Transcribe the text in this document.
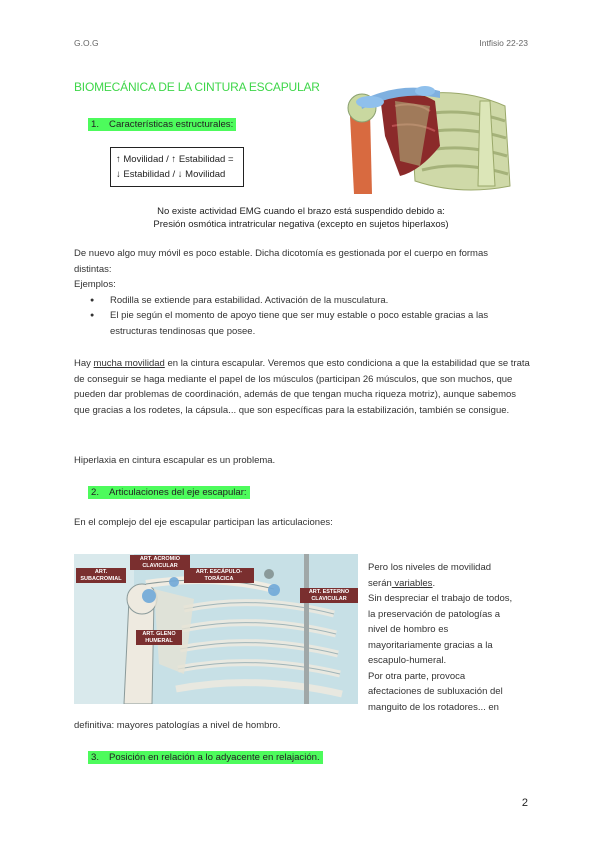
G.O.G	Intfisio 22-23
BIOMECÁNICA DE LA CINTURA ESCAPULAR
1. Características estructurales:
↑ Movilidad / ↑ Estabilidad =
↓ Estabilidad / ↓ Movilidad
No existe actividad EMG cuando el brazo está suspendido debido a:
Presión osmótica intratricular negativa (excepto en sujetos hiperlaxos)
De nuevo algo muy móvil es poco estable. Dicha dicotomía es gestionada por el cuerpo en formas
distintas:
Ejemplos:
● Rodilla se extiende para estabilidad. Activación de la musculatura.
● El pie según el momento de apoyo tiene que ser muy estable o poco estable gracias a las estructuras tendinosas que posee.
Hay mucha movilidad en la cintura escapular. Veremos que esto condiciona a que la estabilidad que se trata de conseguir se haga mediante el papel de los músculos (participan 26 músculos, que son muchos, que pueden dar problemas de coordinación, además de que tengan mucha riqueza motriz), aunque sabemos que gracias a los rodetes, la cápsula... que son específicas para la estabilización, también se consigue.
Hiperlaxia en cintura escapular es un problema.
2. Articulaciones del eje escapular:
En el complejo del eje escapular participan las articulaciones:
ART. SUBACROMIAL
ART. ACROMIO CLAVICULAR
ART. ESCÁPULO-TORÁCICA
ART. ESTERNO CLAVICULAR
ART. GLENO HUMERAL
Pero los niveles de movilidad
serán variables.
Sin despreciar el trabajo de todos,
la preservación de patologías a
nivel de hombro es
mayoritariamente gracias a la
escapulo-humeral.
Por otra parte, provoca
afectaciones de subluxación del
manguito de los rotadores... en
definitiva: mayores patologías a nivel de hombro.
3. Posición en relación a lo adyacente en relajación.
2
